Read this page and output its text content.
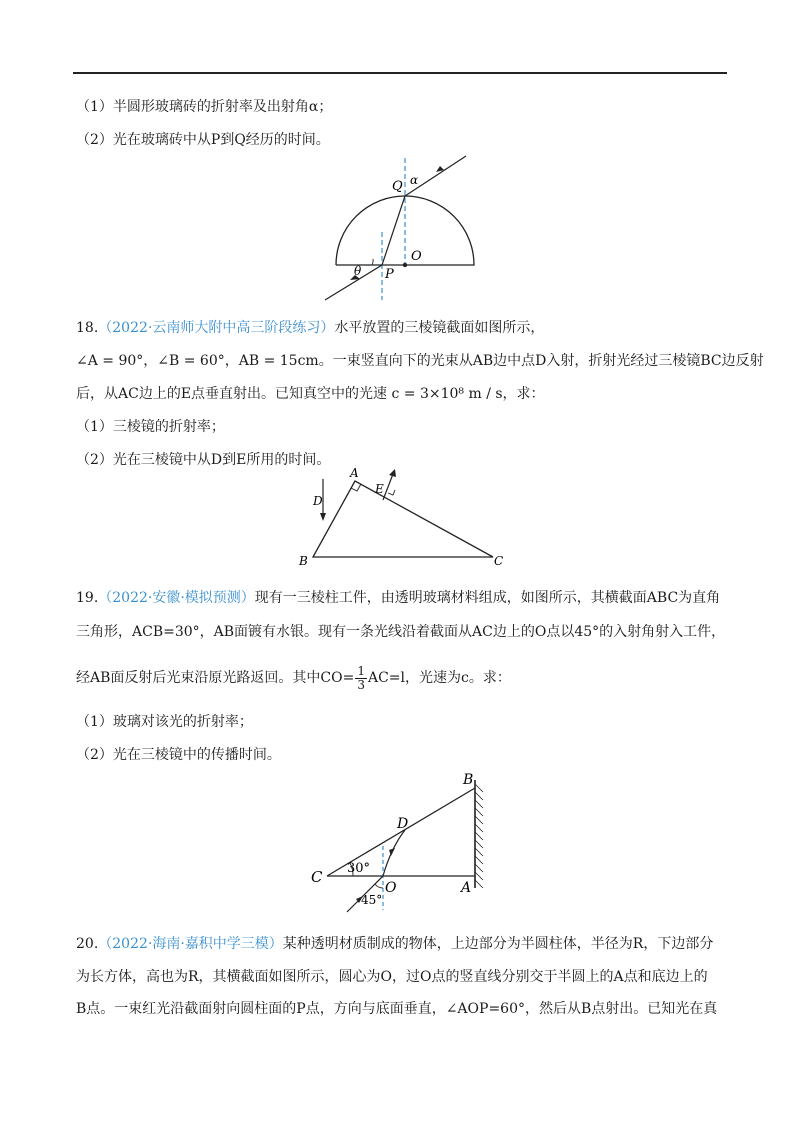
（1）半圆形玻璃砖的折射率及出射角α；
（2）光在玻璃砖中从P到Q经历的时间。
Q α
O
θ P
18.（2022·云南师大附中高三阶段练习）水平放置的三棱镜截面如图所示，
∠A = 90°，∠B = 60°，AB = 15cm。一束竖直向下的光束从AB边中点D入射，折射光经过三棱镜BC边反射
后，从AC边上的E点垂直射出。已知真空中的光速 c = 3×10⁸ m / s，求：
（1）三棱镜的折射率；
（2）光在三棱镜中从D到E所用的时间。
A
B	C
D
E
19.（2022·安徽·模拟预测）现有一三棱柱工件，由透明玻璃材料组成，如图所示，其横截面ABC为直角
三角形，ACB=30°，AB面镀有水银。现有一条光线沿着截面从AC边上的O点以45°的入射角射入工件，
经AB面反射后光束沿原光路返回。其中$CO= \frac{1}{3} AC=l$，光速为c。求：
（1）玻璃对该光的折射率；
（2）光在三棱镜中的传播时间。
B
D
C 30°
O	A
45°
20.（2022·海南·嘉积中学三模）某种透明材质制成的物体，上边部分为半圆柱体，半径为R，下边部分
为长方体，高也为R，其横截面如图所示，圆心为O，过O点的竖直线分别交于半圆上的A点和底边上的
B点。一束红光沿截面射向圆柱面的P点，方向与底面垂直，∠AOP=60°，然后从B点射出。已知光在真
